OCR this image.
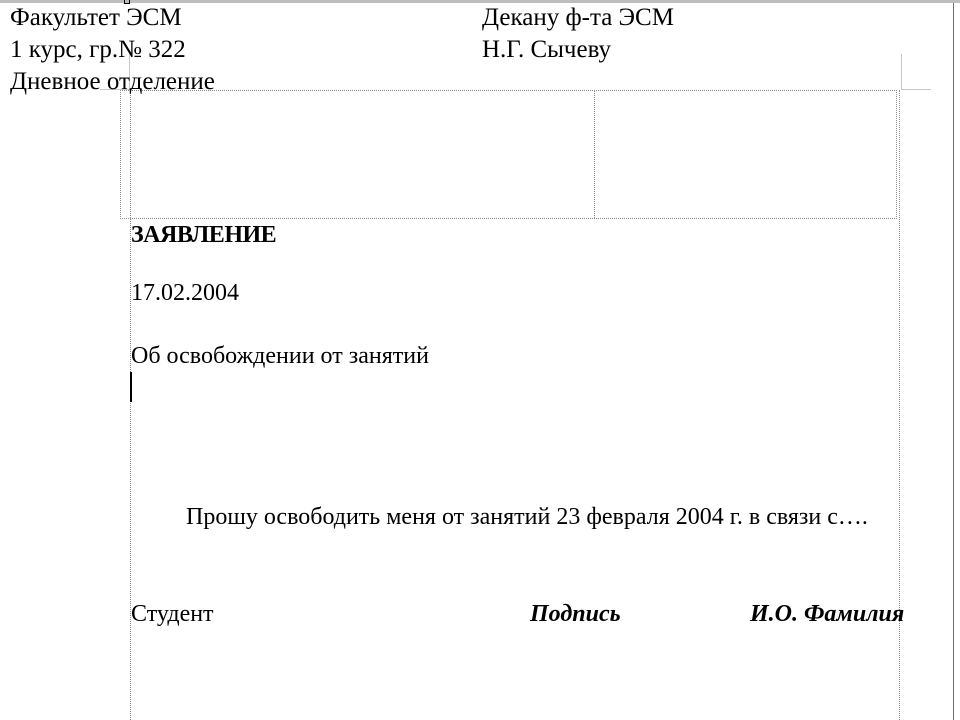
Факультет ЭСМ
1 курс, гр.№ 322
Дневное отделение
Декану ф-та ЭСМ
Н.Г. Сычеву
ЗАЯВЛЕНИЕ
17.02.2004
Об освобождении от занятий
Прошу освободить меня от занятий 23 февраля 2004 г. в связи с….
Студент	Подпись	И.О. Фамилия
